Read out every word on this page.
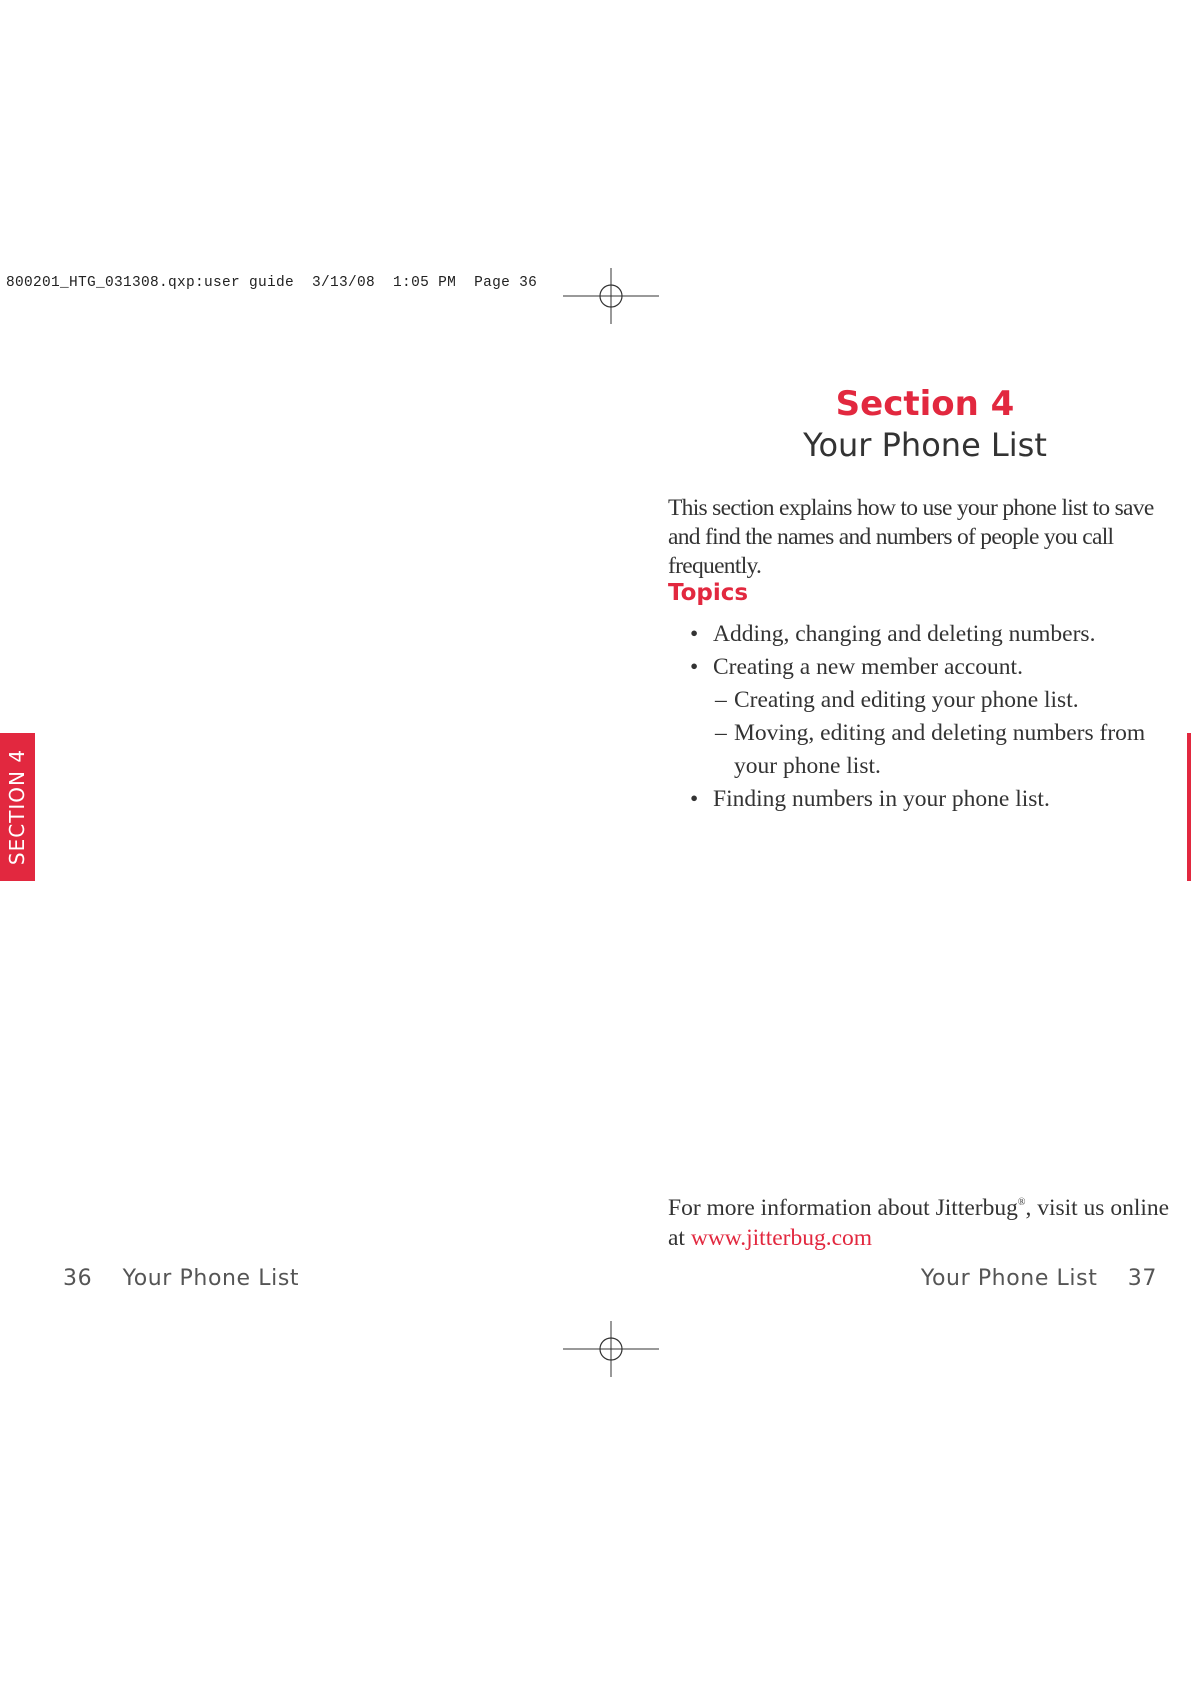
800201_HTG_031308.qxp:user guide  3/13/08  1:05 PM  Page 36
SECTION 4
Section 4
Your Phone List
This section explains how to use your phone list to save and find the names and numbers of people you call frequently.
Topics
• Adding, changing and deleting numbers.
• Creating a new member account.
– Creating and editing your phone list.
– Moving, editing and deleting numbers from your phone list.
• Finding numbers in your phone list.
For more information about Jitterbug®, visit us online at www.jitterbug.com
36 Your Phone List	Your Phone List 37
